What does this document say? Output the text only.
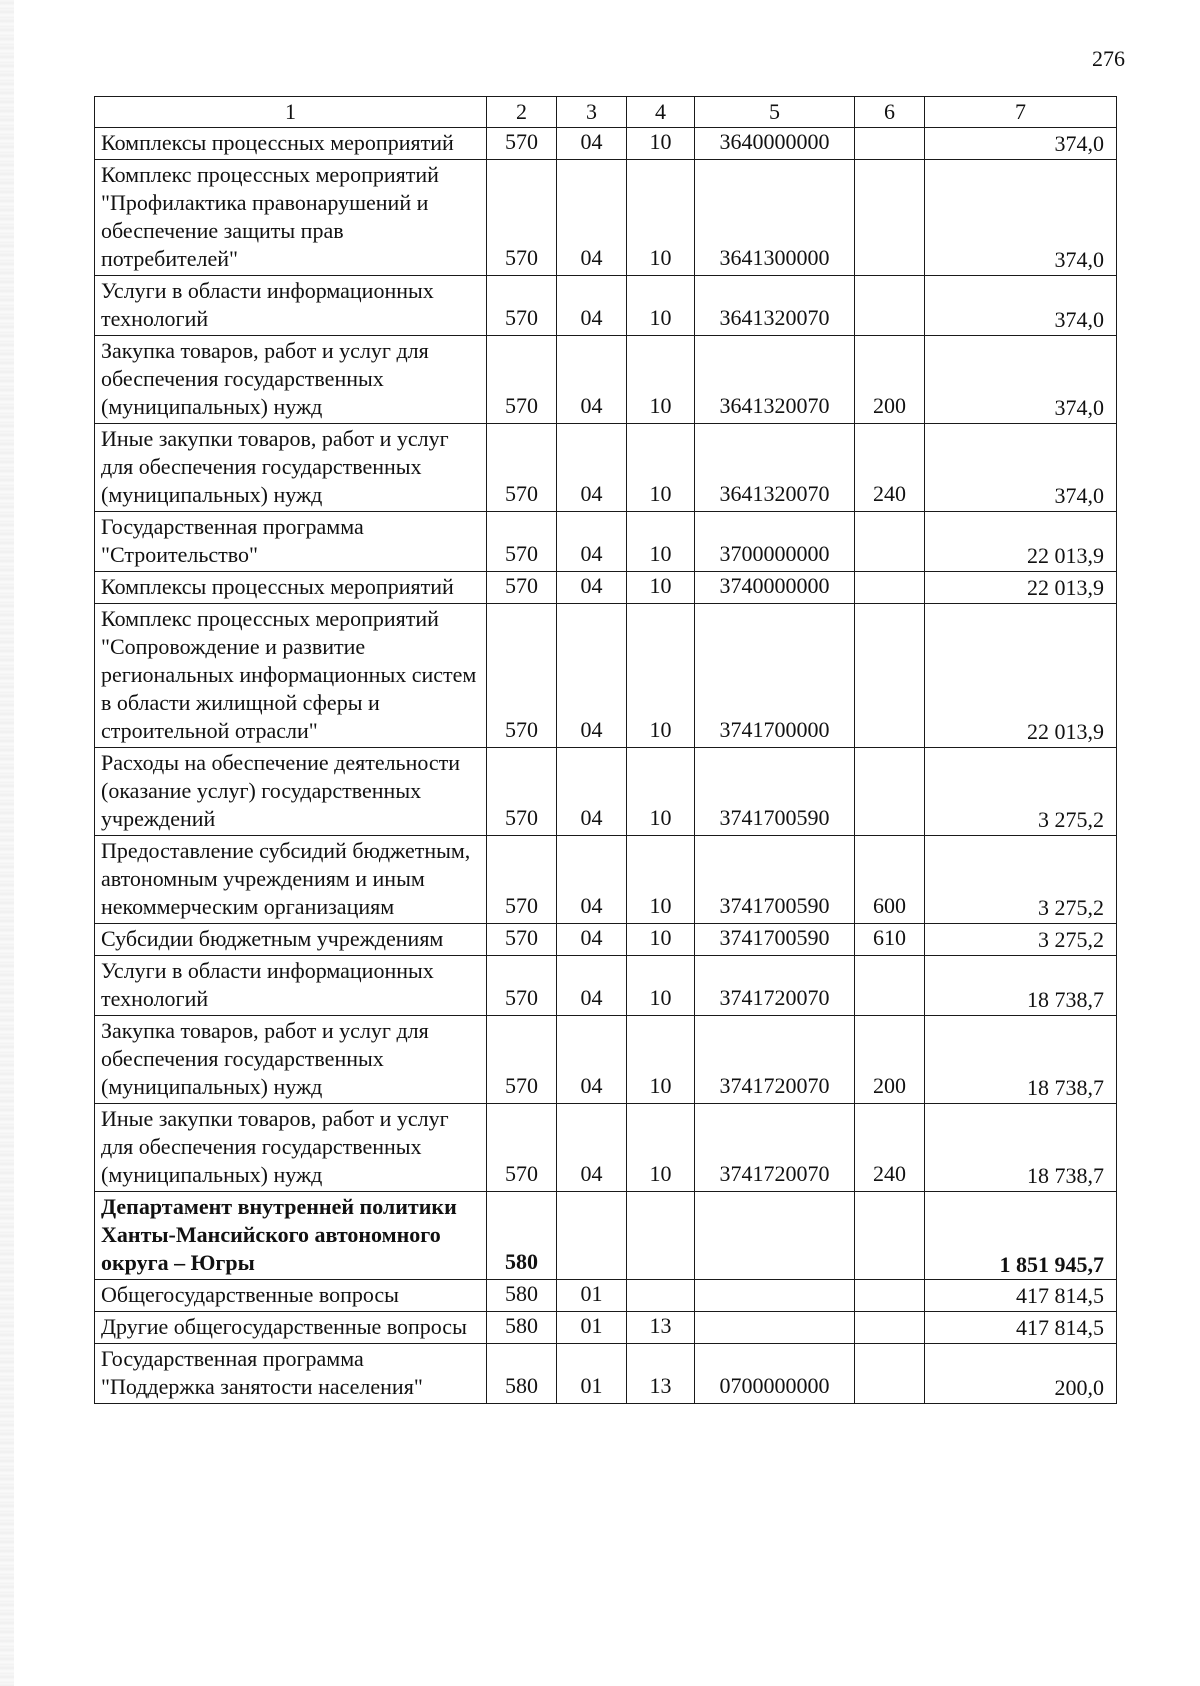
276
1	2	3	4	5	6	7
Комплексы процессных мероприятий	570	04	10	3640000000		374,0
Комплекс процессных мероприятий "Профилактика правонарушений и обеспечение защиты прав потребителей"	570	04	10	3641300000		374,0
Услуги в области информационных технологий	570	04	10	3641320070		374,0
Закупка товаров, работ и услуг для обеспечения государственных (муниципальных) нужд	570	04	10	3641320070	200	374,0
Иные закупки товаров, работ и услуг для обеспечения государственных (муниципальных) нужд	570	04	10	3641320070	240	374,0
Государственная программа "Строительство"	570	04	10	3700000000		22 013,9
Комплексы процессных мероприятий	570	04	10	3740000000		22 013,9
Комплекс процессных мероприятий "Сопровождение и развитие региональных информационных систем в области жилищной сферы и строительной отрасли"	570	04	10	3741700000		22 013,9
Расходы на обеспечение деятельности (оказание услуг) государственных учреждений	570	04	10	3741700590		3 275,2
Предоставление субсидий бюджетным, автономным учреждениям и иным некоммерческим организациям	570	04	10	3741700590	600	3 275,2
Субсидии бюджетным учреждениям	570	04	10	3741700590	610	3 275,2
Услуги в области информационных технологий	570	04	10	3741720070		18 738,7
Закупка товаров, работ и услуг для обеспечения государственных (муниципальных) нужд	570	04	10	3741720070	200	18 738,7
Иные закупки товаров, работ и услуг для обеспечения государственных (муниципальных) нужд	570	04	10	3741720070	240	18 738,7
Департамент внутренней политики Ханты-Мансийского автономного округа – Югры	580					1 851 945,7
Общегосударственные вопросы	580	01				417 814,5
Другие общегосударственные вопросы	580	01	13			417 814,5
Государственная программа "Поддержка занятости населения"	580	01	13	0700000000		200,0
